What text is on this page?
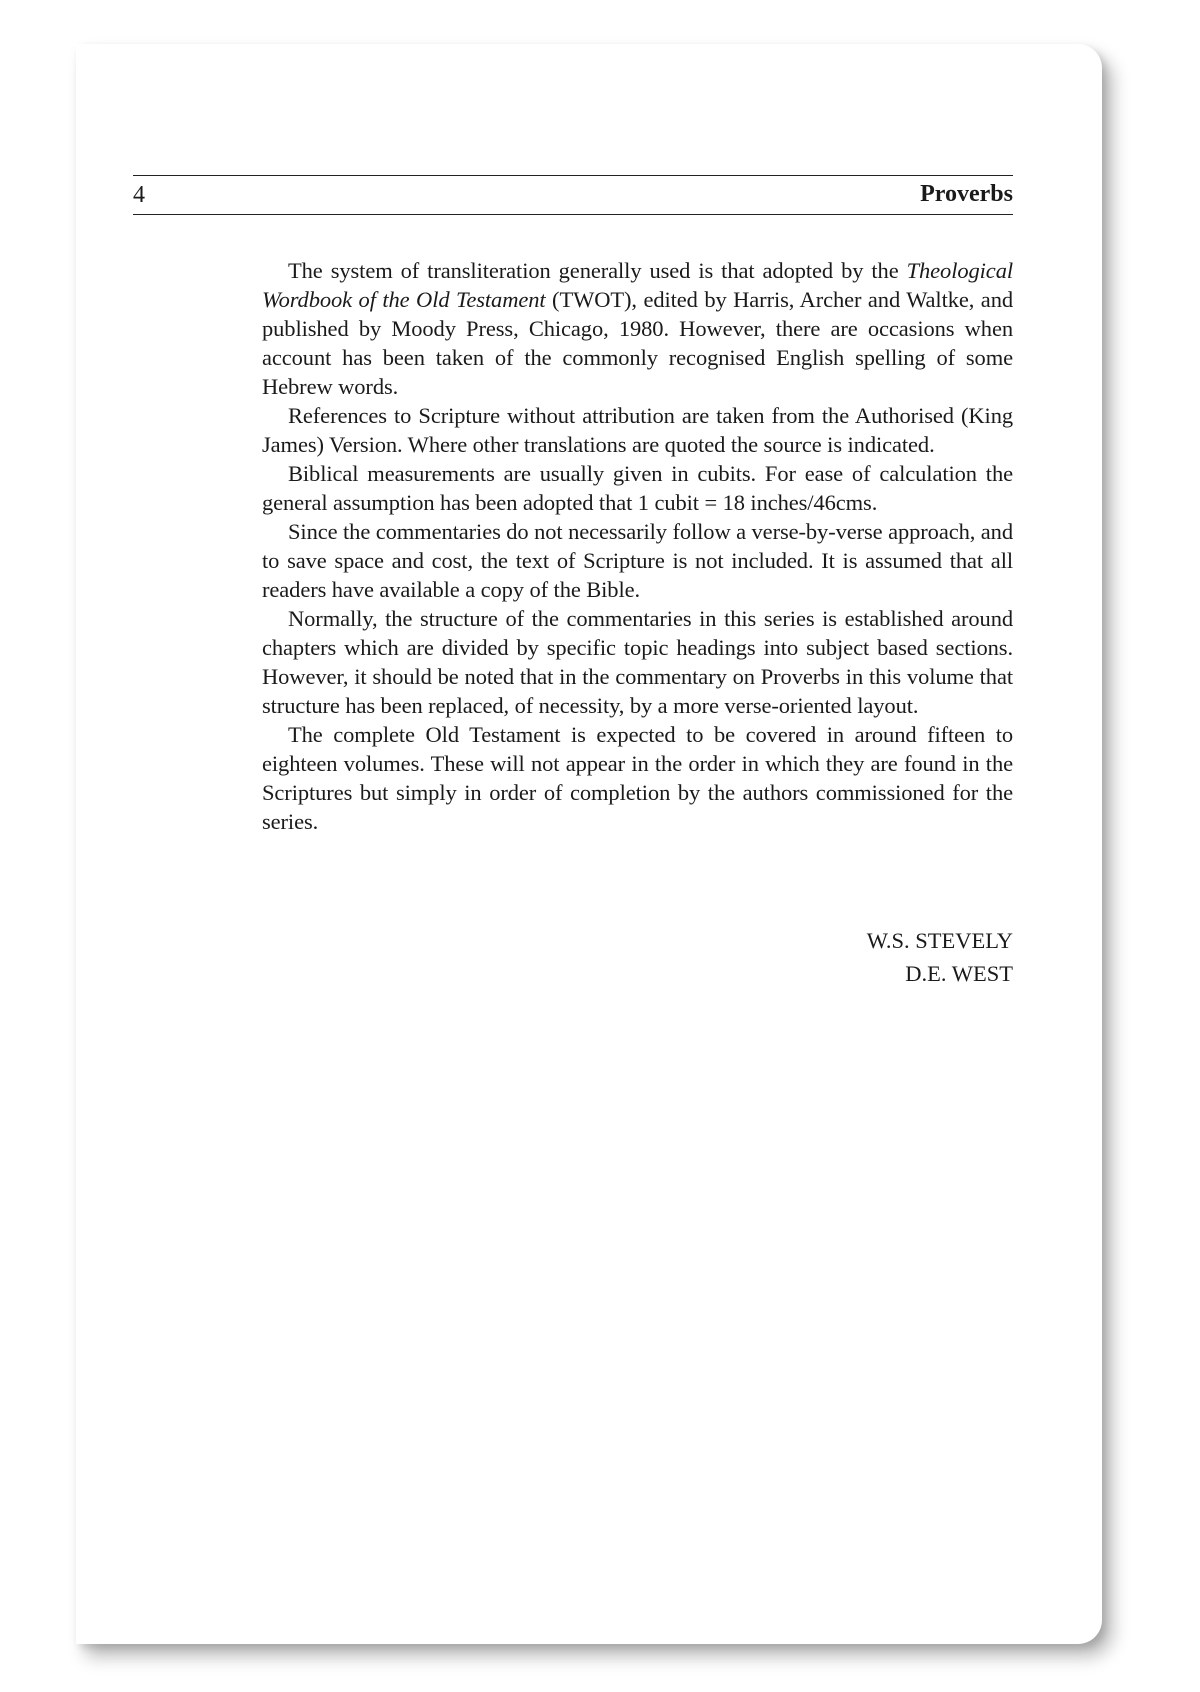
4	Proverbs

The system of transliteration generally used is that adopted by the Theological Wordbook of the Old Testament (TWOT), edited by Harris, Archer and Waltke, and published by Moody Press, Chicago, 1980. However, there are occasions when account has been taken of the commonly recognised English spelling of some Hebrew words.

References to Scripture without attribution are taken from the Authorised (King James) Version. Where other translations are quoted the source is indicated.

Biblical measurements are usually given in cubits. For ease of calculation the general assumption has been adopted that 1 cubit = 18 inches/46cms.

Since the commentaries do not necessarily follow a verse-by-verse approach, and to save space and cost, the text of Scripture is not included. It is assumed that all readers have available a copy of the Bible.

Normally, the structure of the commentaries in this series is established around chapters which are divided by specific topic headings into subject based sections. However, it should be noted that in the commentary on Proverbs in this volume that structure has been replaced, of necessity, by a more verse-oriented layout.

The complete Old Testament is expected to be covered in around fifteen to eighteen volumes. These will not appear in the order in which they are found in the Scriptures but simply in order of completion by the authors commissioned for the series.

W.S. STEVELY
D.E. WEST
